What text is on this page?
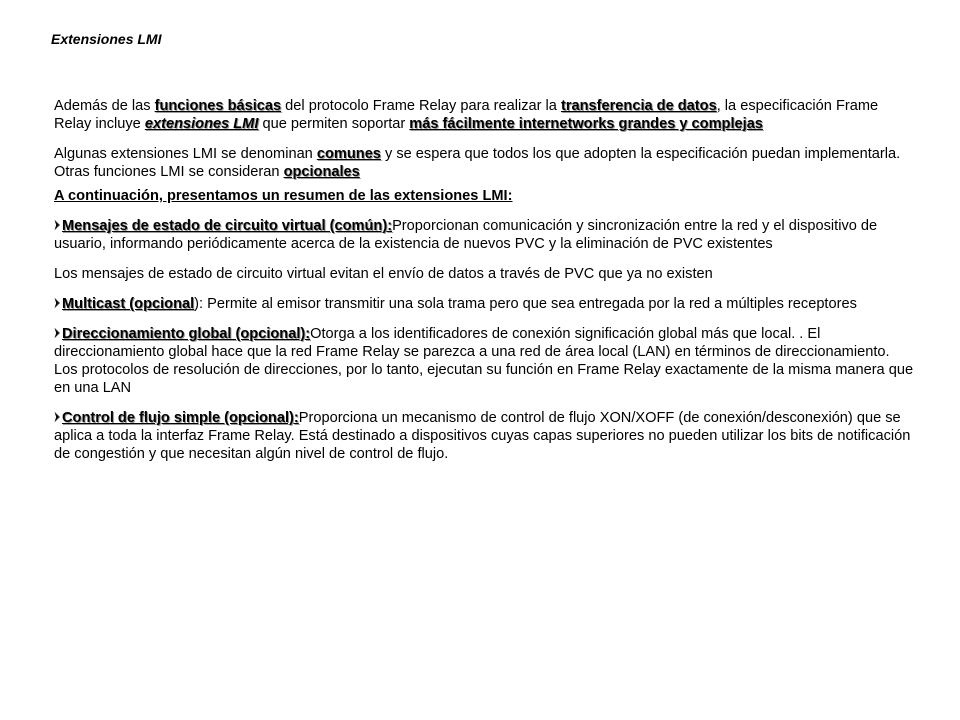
Extensiones LMI

Además de las funciones básicas del protocolo Frame Relay para realizar la transferencia de datos, la especificación Frame Relay incluye extensiones LMI que permiten soportar más fácilmente internetworks grandes y complejas

Algunas extensiones LMI se denominan comunes y se espera que todos los que adopten la especificación puedan implementarla. Otras funciones LMI se consideran opcionales

A continuación, presentamos un resumen de las extensiones LMI:

Mensajes de estado de circuito virtual (común):Proporcionan comunicación y sincronización entre la red y el dispositivo de usuario, informando periódicamente acerca de la existencia de nuevos PVC y la eliminación de PVC existentes

Los mensajes de estado de circuito virtual evitan el envío de datos a través de PVC que ya no existen

Multicast (opcional): Permite al emisor transmitir una sola trama pero que sea entregada por la red a múltiples receptores

Direccionamiento global (opcional):Otorga a los identificadores de conexión significación global más que local. . El direccionamiento global hace que la red Frame Relay se parezca a una red de área local (LAN) en términos de direccionamiento. Los protocolos de resolución de direcciones, por lo tanto, ejecutan su función en Frame Relay exactamente de la misma manera que en una LAN

Control de flujo simple (opcional):Proporciona un mecanismo de control de flujo XON/XOFF (de conexión/desconexión) que se aplica a toda la interfaz Frame Relay. Está destinado a dispositivos cuyas capas superiores no pueden utilizar los bits de notificación de congestión y que necesitan algún nivel de control de flujo.
